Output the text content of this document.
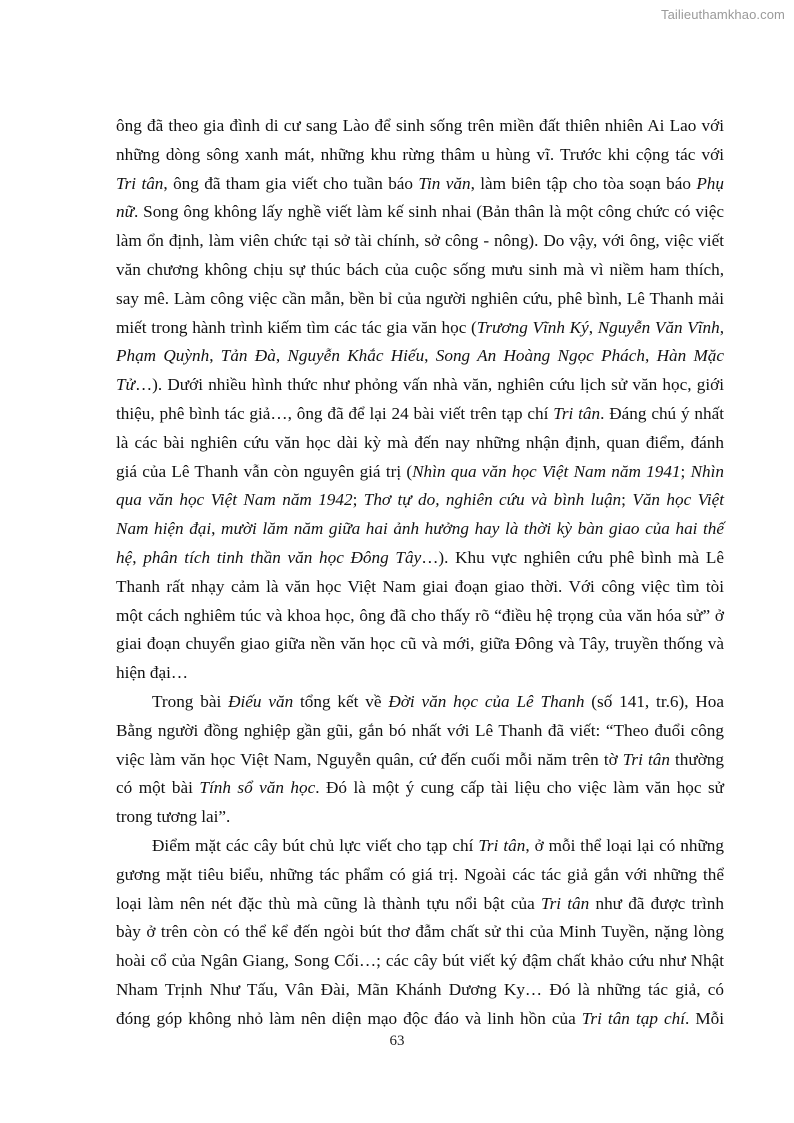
Tailieuthamkhao.com
ông đã theo gia đình di cư sang Lào để sinh sống trên miền đất thiên nhiên Ai Lao với
những dòng sông xanh mát, những khu rừng thâm u hùng vĩ. Trước khi cộng tác với
Tri tân, ông đã tham gia viết cho tuần báo Tin văn, làm biên tập cho tòa soạn báo Phụ
nữ. Song ông không lấy nghề viết làm kế sinh nhai (Bản thân là một công chức có việc
làm ổn định, làm viên chức tại sở tài chính, sở công - nông). Do vậy, với ông, việc viết
văn chương không chịu sự thúc bách của cuộc sống mưu sinh mà vì niềm ham thích,
say mê. Làm công việc cần mẫn, bền bỉ của người nghiên cứu, phê bình, Lê Thanh mải
miết trong hành trình kiếm tìm các tác gia văn học (Trương Vĩnh Ký, Nguyễn Văn Vĩnh,
Phạm Quỳnh, Tản Đà, Nguyễn Khắc Hiếu, Song An Hoàng Ngọc Phách, Hàn Mặc
Tử…). Dưới nhiều hình thức như phỏng vấn nhà văn, nghiên cứu lịch sử văn học, giới
thiệu, phê bình tác giả…, ông đã để lại 24 bài viết trên tạp chí Tri tân. Đáng chú ý nhất
là các bài nghiên cứu văn học dài kỳ mà đến nay những nhận định, quan điểm, đánh
giá của Lê Thanh vẫn còn nguyên giá trị (Nhìn qua văn học Việt Nam năm 1941; Nhìn
qua văn học Việt Nam năm 1942; Thơ tự do, nghiên cứu và bình luận; Văn học Việt
Nam hiện đại, mười lăm năm giữa hai ảnh hưởng hay là thời kỳ bàn giao của hai thế
hệ, phân tích tinh thần văn học Đông Tây…). Khu vực nghiên cứu phê bình mà Lê
Thanh rất nhạy cảm là văn học Việt Nam giai đoạn giao thời. Với công việc tìm tòi
một cách nghiêm túc và khoa học, ông đã cho thấy rõ “điều hệ trọng của văn hóa sử” ở
giai đoạn chuyển giao giữa nền văn học cũ và mới, giữa Đông và Tây, truyền thống và
hiện đại…
Trong bài Điếu văn tổng kết về Đời văn học của Lê Thanh (số 141, tr.6), Hoa
Bằng người đồng nghiệp gần gũi, gắn bó nhất với Lê Thanh đã viết: “Theo đuổi công
việc làm văn học Việt Nam, Nguyễn quân, cứ đến cuối mỗi năm trên tờ Tri tân thường
có một bài Tính sổ văn học. Đó là một ý cung cấp tài liệu cho việc làm văn học sử
trong tương lai”.
Điểm mặt các cây bút chủ lực viết cho tạp chí Tri tân, ở mỗi thể loại lại có những
gương mặt tiêu biểu, những tác phẩm có giá trị. Ngoài các tác giả gắn với những thể
loại làm nên nét đặc thù mà cũng là thành tựu nổi bật của Tri tân như đã được trình
bày ở trên còn có thể kể đến ngòi bút thơ đẫm chất sử thi của Minh Tuyền, nặng lòng
hoài cổ của Ngân Giang, Song Cối…; các cây bút viết ký đậm chất khảo cứu như Nhật
Nham Trịnh Như Tấu, Vân Đài, Mãn Khánh Dương Ky… Đó là những tác giả, có
đóng góp không nhỏ làm nên diện mạo độc đáo và linh hồn của Tri tân tạp chí. Mỗi
63
